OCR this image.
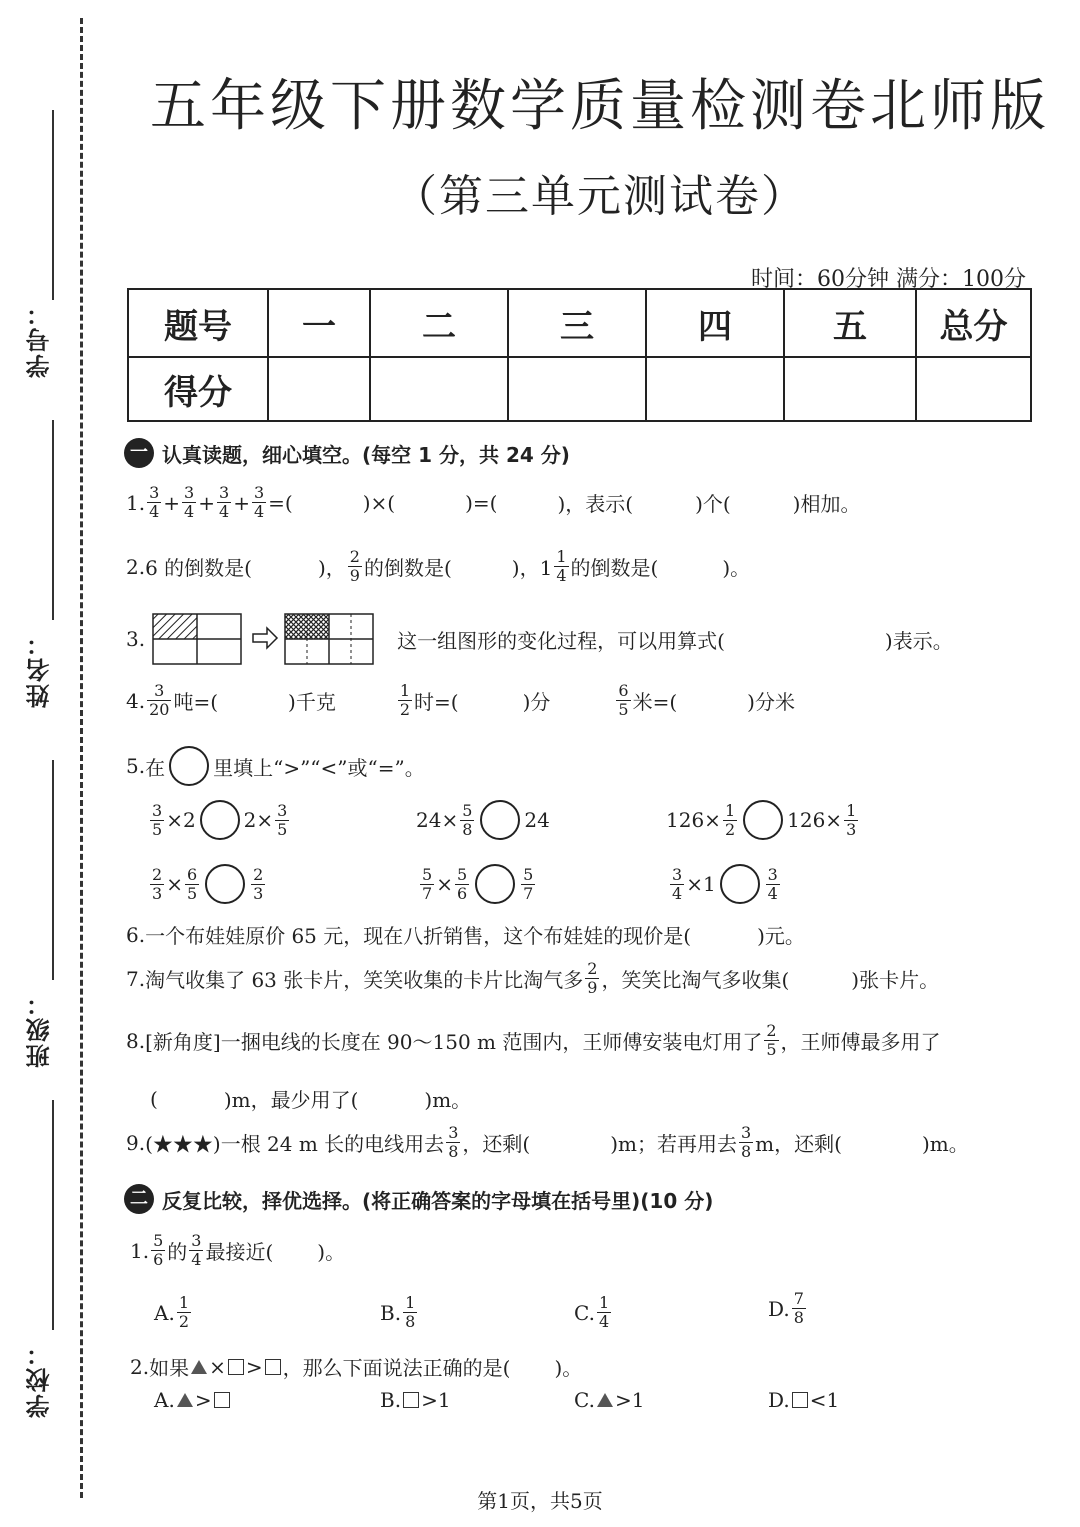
学号：
姓名：
班级：
学校：
五年级下册数学质量检测卷北师版
（第三单元测试卷）
时间：60分钟 满分：100分
题号	一	二	三	四	五	总分
得分						
一 认真读题，细心填空。(每空 1 分，共 24 分)
1. $\frac{3}{4} + \frac{3}{4} + \frac{3}{4} + \frac{3}{4}$ =(	)×(	)=(	)，表示(	)个(	)相加。
2. 6 的倒数是(	)， $\frac{2}{9}$ 的倒数是(	)，$1 \frac{1}{4}$ 的倒数是(	)。
3.	这一组图形的变化过程，可以用算式(	)表示。
4. $\frac{3}{20}$ 吨=(	)千克	$\frac{1}{2}$ 时=(	)分	$\frac{6}{5}$ 米=(	)分米
5. 在 里填上“>”“<”或“=”。
$\frac{3}{5} \times 2$ $2\times \frac{3}{5}$	$24\times \frac{5}{8}$	24	$126\times \frac{1}{2}$	$126\times \frac{1}{3}$
$\frac{2}{3} \times \frac{6}{5}$	$\frac{2}{3}$	$\frac{5}{7} \times \frac{5}{6}$	$\frac{5}{7}$	$\frac{3}{4} \times 1$	$\frac{3}{4}$
6. 一个布娃娃原价 65 元，现在八折销售，这个布娃娃的现价是(	)元。
7. 淘气收集了 63 张卡片，笑笑收集的卡片比淘气多 $\frac{2}{9}$ ，笑笑比淘气多收集(	)张卡片。
8. [新角度]一捆电线的长度在 90～150 m 范围内，王师傅安装电灯用了 $\frac{2}{5}$ ，王师傅最多用了
(	)m，最少用了(	)m。
9. (★★★)一根 24 m 长的电线用去 $\frac{3}{8}$ ，还剩(	)m；若再用去 $\frac{3}{8}$ m，还剩(	)m。
二 反复比较，择优选择。(将正确答案的字母填在括号里)(10 分)
1. $\frac{5}{6}$ 的 $\frac{3}{4}$ 最接近( )。
A. $\frac{1}{2}$	B. $\frac{1}{8}$	C. $\frac{1}{4}$	D. $\frac{7}{8}$
2. 如果 × > ，那么下面说法正确的是( )。
A. >	B. >1	C. >1	D. <1
第1页，共5页
